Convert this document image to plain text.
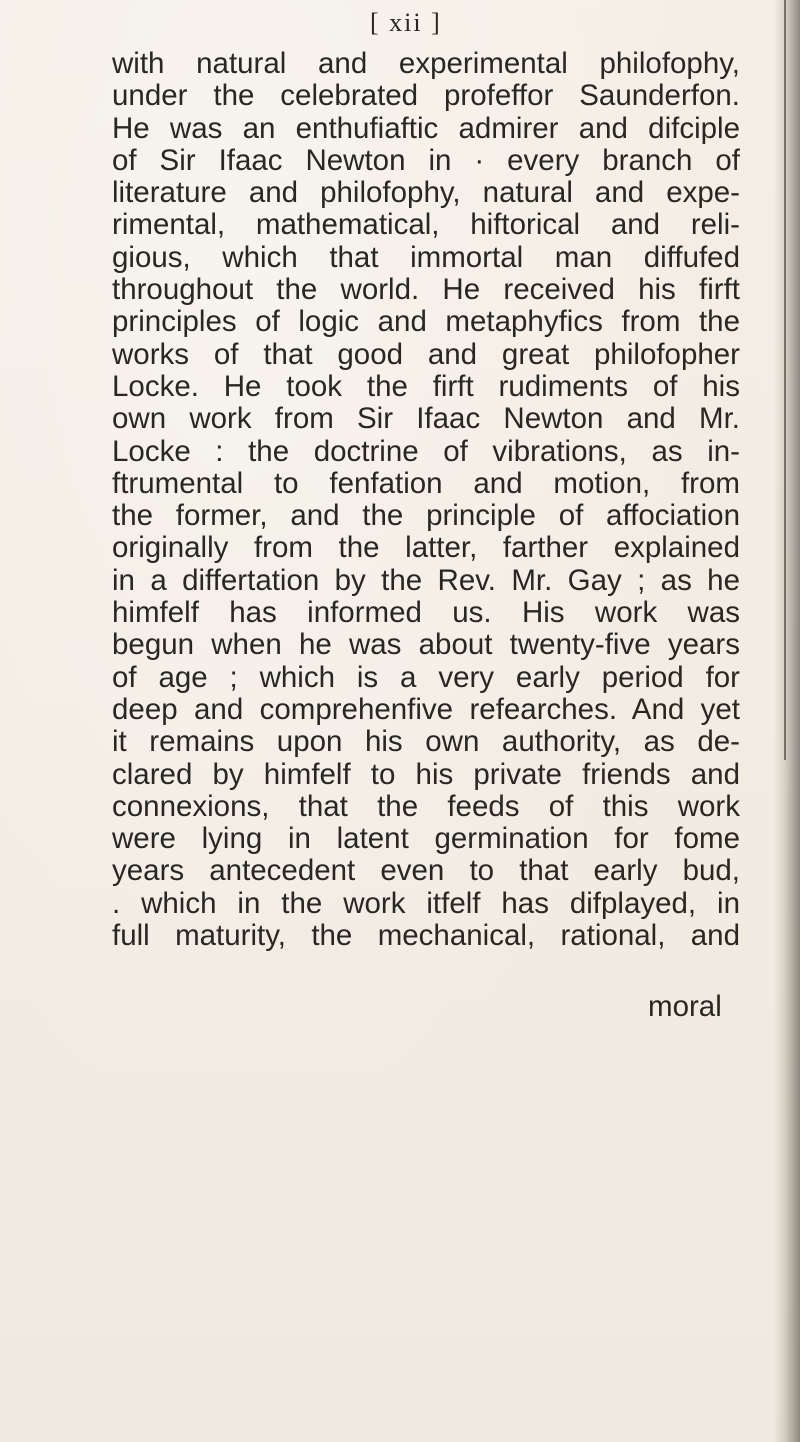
[ xii ]
with natural and experimental philofophy,
under the celebrated profeffor Saunderfon.
He was an enthufiaftic admirer and difciple
of Sir Ifaac Newton in · every branch of
literature and philofophy, natural and expe-
rimental, mathematical, hiftorical and reli-
gious, which that immortal man diffufed
throughout the world. He received his firft
principles of logic and metaphyfics from the
works of that good and great philofopher
Locke. He took the firft rudiments of his
own work from Sir Ifaac Newton and Mr.
Locke : the doctrine of vibrations, as in-
ftrumental to fenfation and motion, from
the former, and the principle of affociation
originally from the latter, farther explained
in a differtation by the Rev. Mr. Gay ; as he
himfelf has informed us. His work was
begun when he was about twenty-five years
of age ; which is a very early period for
deep and comprehenfive refearches. And yet
it remains upon his own authority, as de-
clared by himfelf to his private friends and
connexions, that the feeds of this work
were lying in latent germination for fome
years antecedent even to that early bud,
. which in the work itfelf has difplayed, in
full maturity, the mechanical, rational, and
moral
